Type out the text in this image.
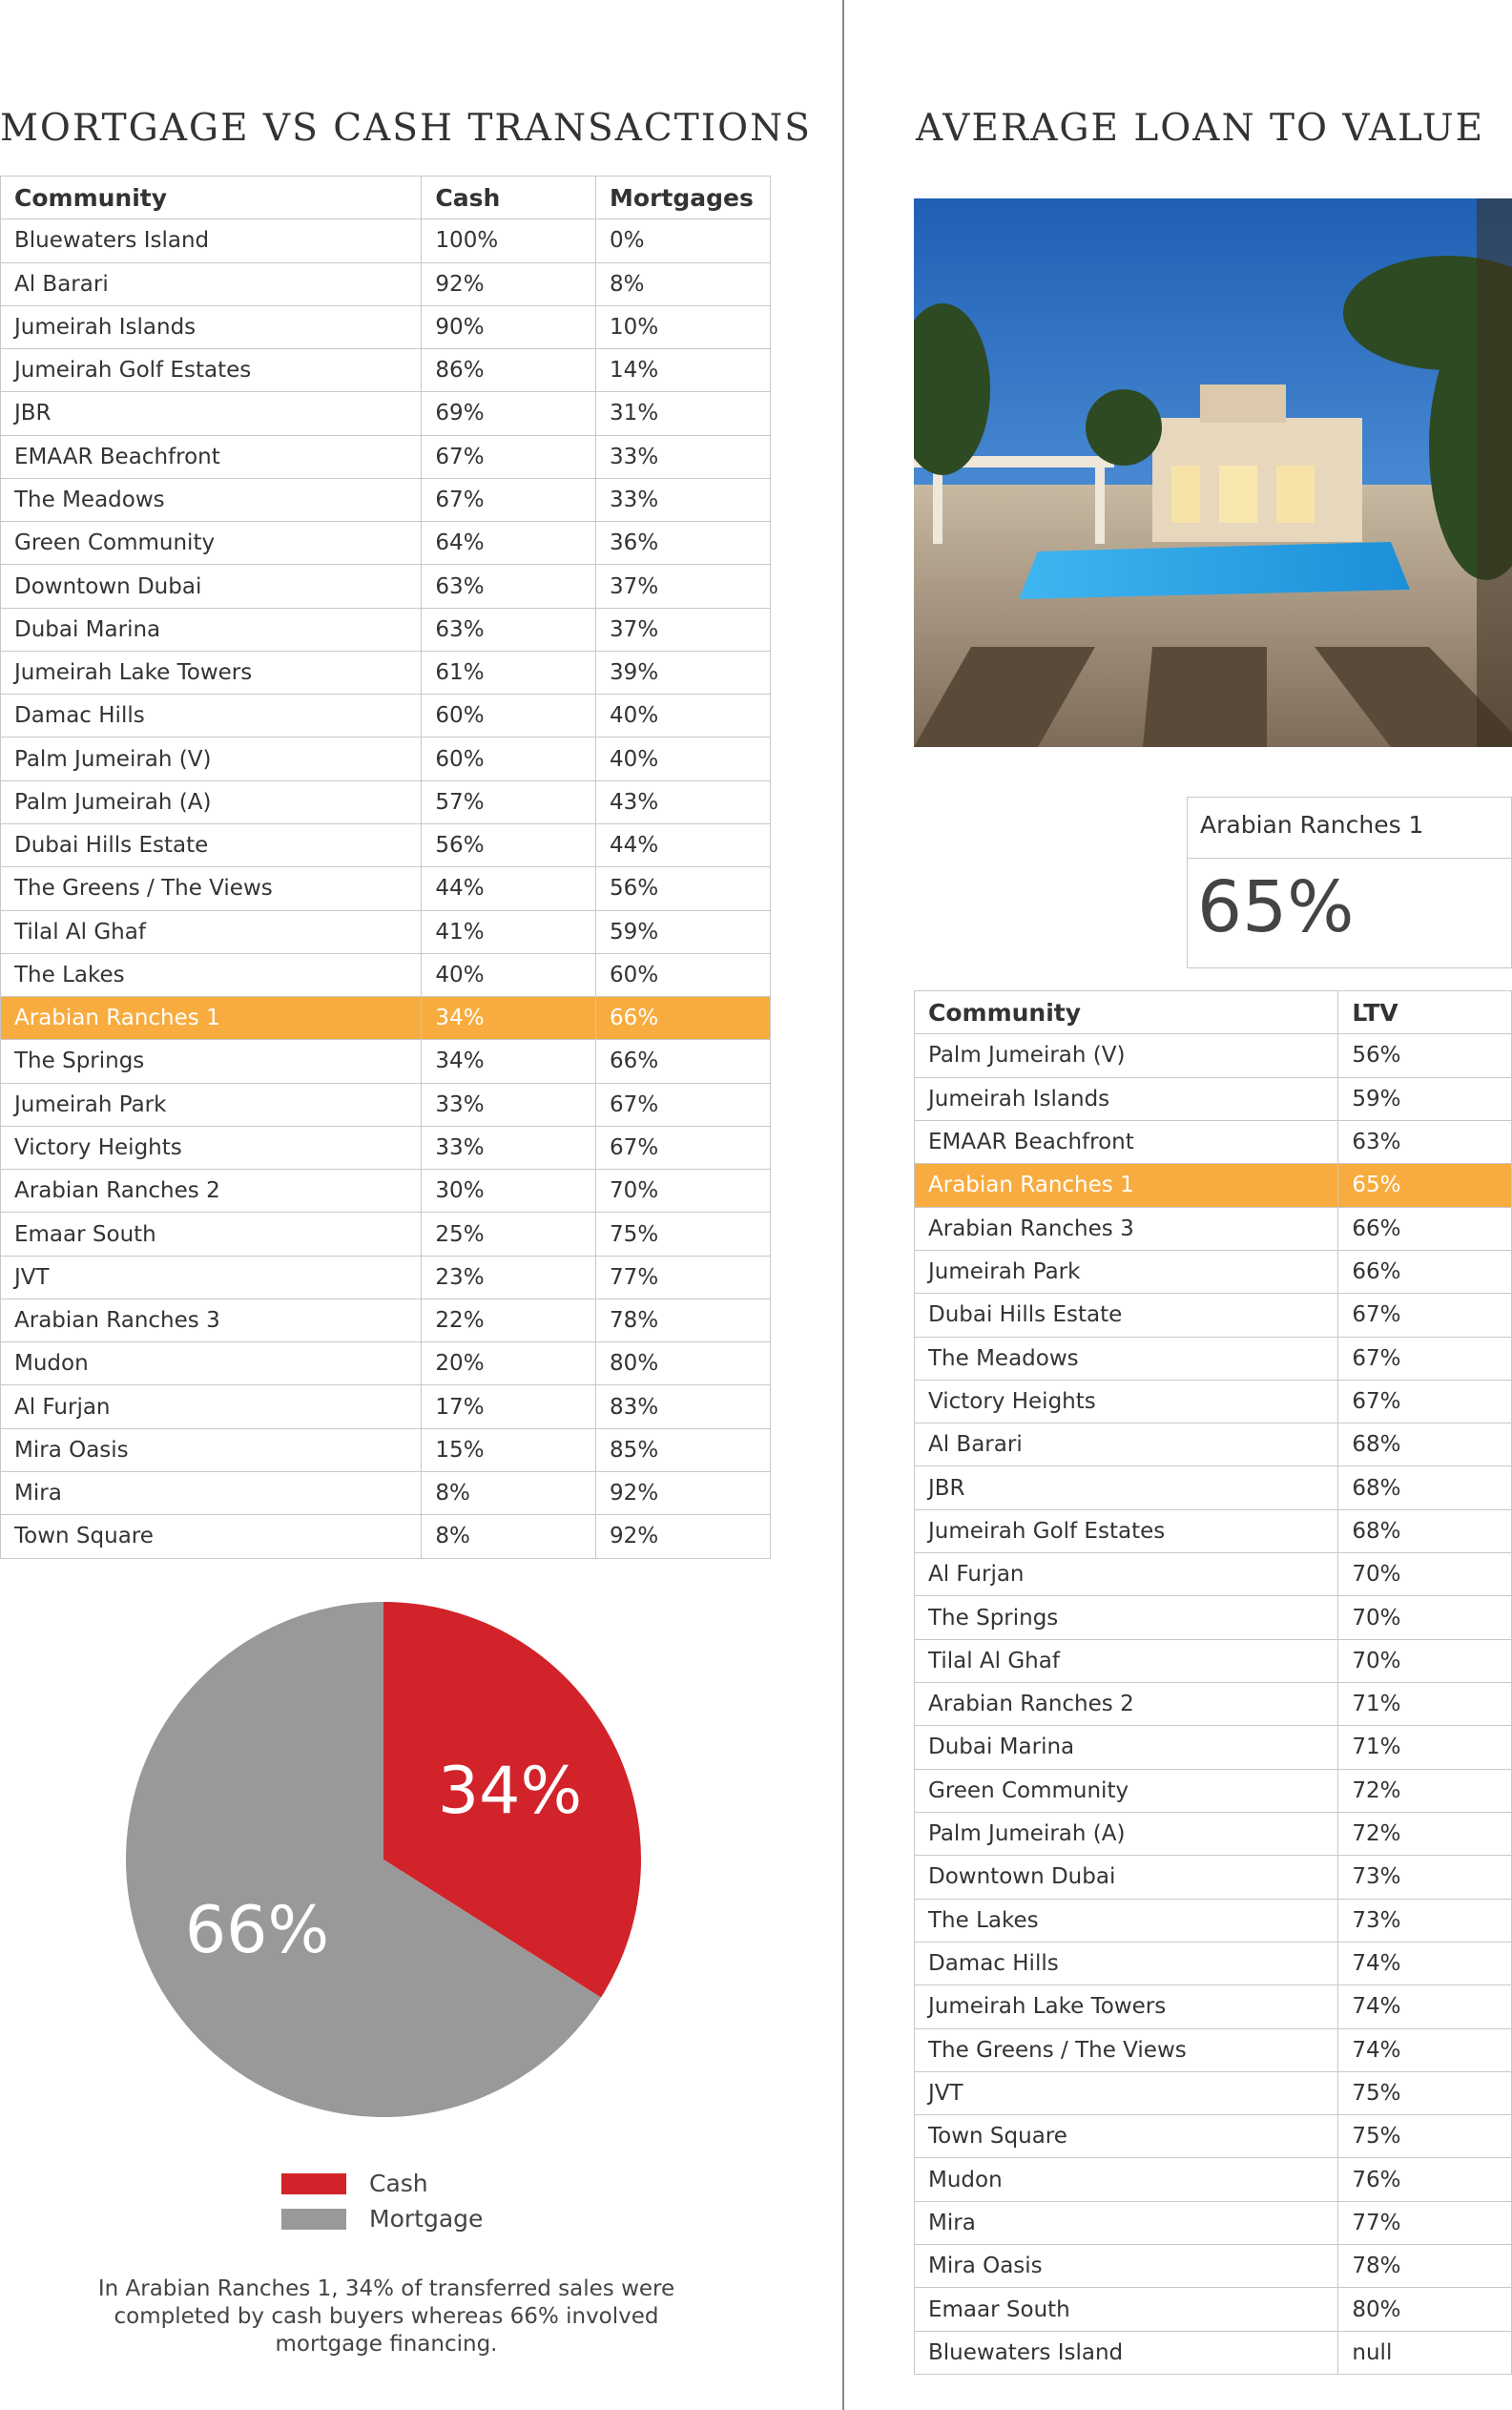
MORTGAGE VS CASH TRANSACTIONS	AVERAGE LOAN TO VALUE
Community	Cash	Mortgages
Bluewaters Island	100%	0%
Al Barari	92%	8%
Jumeirah Islands	90%	10%
Jumeirah Golf Estates	86%	14%
JBR	69%	31%
EMAAR Beachfront	67%	33%
The Meadows	67%	33%
Green Community	64%	36%
Downtown Dubai	63%	37%
Dubai Marina	63%	37%
Jumeirah Lake Towers	61%	39%
Damac Hills	60%	40%
Palm Jumeirah (V)	60%	40%
Palm Jumeirah (A)	57%	43%
Dubai Hills Estate	56%	44%
The Greens / The Views	44%	56%
Tilal Al Ghaf	41%	59%
The Lakes	40%	60%
Arabian Ranches 1	34%	66%
The Springs	34%	66%
Jumeirah Park	33%	67%
Victory Heights	33%	67%
Arabian Ranches 2	30%	70%
Emaar South	25%	75%
JVT	23%	77%
Arabian Ranches 3	22%	78%
Mudon	20%	80%
Al Furjan	17%	83%
Mira Oasis	15%	85%
Mira	8%	92%
Town Square	8%	92%
Arabian Ranches 1
65%
Community	LTV
Palm Jumeirah (V)	56%
Jumeirah Islands	59%
EMAAR Beachfront	63%
Arabian Ranches 1	65%
Arabian Ranches 3	66%
Jumeirah Park	66%
Dubai Hills Estate	67%
The Meadows	67%
Victory Heights	67%
Al Barari	68%
JBR	68%
Jumeirah Golf Estates	68%
Al Furjan	70%
The Springs	70%
Tilal Al Ghaf	70%
Arabian Ranches 2	71%
Dubai Marina	71%
Green Community	72%
Palm Jumeirah (A)	72%
Downtown Dubai	73%
The Lakes	73%
Damac Hills	74%
Jumeirah Lake Towers	74%
The Greens / The Views	74%
JVT	75%
Town Square	75%
Mudon	76%
Mira	77%
Mira Oasis	78%
Emaar South	80%
Bluewaters Island	null
34%
66%
Cash
Mortgage
In Arabian Ranches 1, 34% of transferred sales were completed by cash buyers whereas 66% involved mortgage financing.
